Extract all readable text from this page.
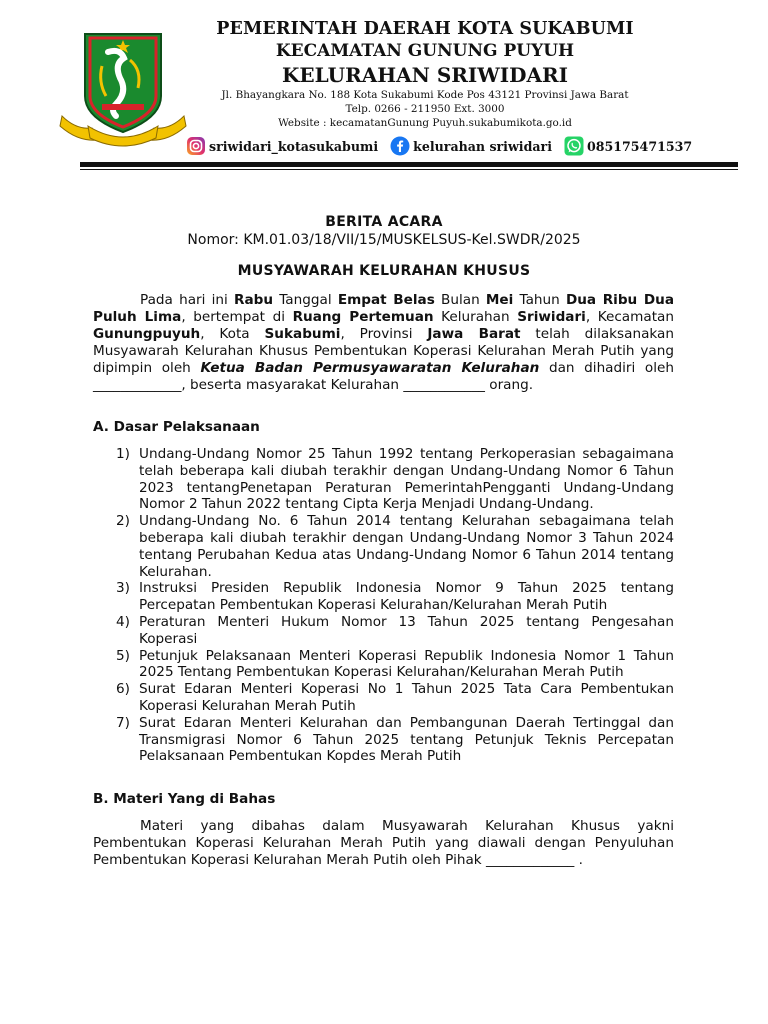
PEMERINTAH DAERAH KOTA SUKABUMI
KECAMATAN GUNUNG PUYUH
KELURAHAN SRIWIDARI
Jl. Bhayangkara No. 188 Kota Sukabumi Kode Pos 43121 Provinsi Jawa Barat
Telp. 0266 - 211950 Ext. 3000
Website : kecamatanGunung Puyuh.sukabumikota.go.id
sriwidari_kotasukabumi	kelurahan sriwidari	085175471537
BERITA ACARA
Nomor: KM.01.03/18/VII/15/MUSKELSUS-Kel.SWDR/2025
MUSYAWARAH KELURAHAN KHUSUS
Pada hari ini Rabu Tanggal Empat Belas Bulan Mei Tahun Dua Ribu Dua Puluh Lima, bertempat di Ruang Pertemuan Kelurahan Sriwidari, Kecamatan Gunungpuyuh, Kota Sukabumi, Provinsi Jawa Barat telah dilaksanakan Musyawarah Kelurahan Khusus Pembentukan Koperasi Kelurahan Merah Putih yang dipimpin oleh Ketua Badan Permusyawaratan Kelurahan dan dihadiri oleh _____________, beserta masyarakat Kelurahan ____________ orang.
A. Dasar Pelaksanaan
1) Undang-Undang Nomor 25 Tahun 1992 tentang Perkoperasian sebagaimana telah beberapa kali diubah terakhir dengan Undang-Undang Nomor 6 Tahun 2023 tentangPenetapan Peraturan PemerintahPengganti Undang-Undang Nomor 2 Tahun 2022 tentang Cipta Kerja Menjadi Undang-Undang.
2) Undang-Undang No. 6 Tahun 2014 tentang Kelurahan sebagaimana telah beberapa kali diubah terakhir dengan Undang-Undang Nomor 3 Tahun 2024 tentang Perubahan Kedua atas Undang-Undang Nomor 6 Tahun 2014 tentang Kelurahan.
3) Instruksi Presiden Republik Indonesia Nomor 9 Tahun 2025 tentang Percepatan Pembentukan Koperasi Kelurahan/Kelurahan Merah Putih
4) Peraturan Menteri Hukum Nomor 13 Tahun 2025 tentang Pengesahan Koperasi
5) Petunjuk Pelaksanaan Menteri Koperasi Republik Indonesia Nomor 1 Tahun 2025 Tentang Pembentukan Koperasi Kelurahan/Kelurahan Merah Putih
6) Surat Edaran Menteri Koperasi No 1 Tahun 2025 Tata Cara Pembentukan Koperasi Kelurahan Merah Putih
7) Surat Edaran Menteri Kelurahan dan Pembangunan Daerah Tertinggal dan Transmigrasi Nomor 6 Tahun 2025 tentang Petunjuk Teknis Percepatan Pelaksanaan Pembentukan Kopdes Merah Putih
B. Materi Yang di Bahas
Materi yang dibahas dalam Musyawarah Kelurahan Khusus yakni Pembentukan Koperasi Kelurahan Merah Putih yang diawali dengan Penyuluhan Pembentukan Koperasi Kelurahan Merah Putih oleh Pihak _____________ .
